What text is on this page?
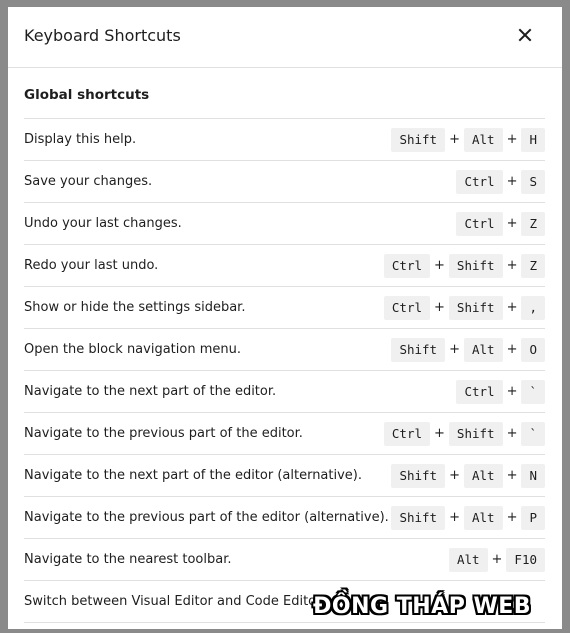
Keyboard Shortcuts
Global shortcuts
Display this help.	Shift + Alt + H
Save your changes.	Ctrl + S
Undo your last changes.	Ctrl + Z
Redo your last undo.	Ctrl + Shift + Z
Show or hide the settings sidebar.	Ctrl + Shift + ,
Open the block navigation menu.	Shift + Alt + O
Navigate to the next part of the editor.	Ctrl + `
Navigate to the previous part of the editor.	Ctrl + Shift + `
Navigate to the next part of the editor (alternative).	Shift + Alt + N
Navigate to the previous part of the editor (alternative). Shift + Alt + P
Navigate to the nearest toolbar.	Alt + F10
Switch between Visual Editor and Code Editor.
ĐỒNG THÁP WEB
